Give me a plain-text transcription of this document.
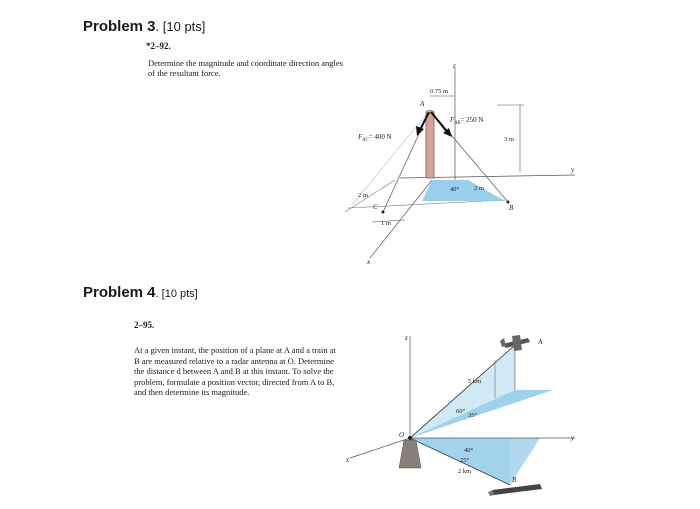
Problem 3. [10 pts]
*2–92.
Determine the magnitude and coordinate direction angles
of the resultant force.
z
0.75 m
A
$F_{AB}= 250$ N
$F_{AC}= 400$ N	3 m
40° 2 m
y
B
2 m
C
1 m
x
Problem 4. [10 pts]
2–95.
At a given instant, the position of a plane at A and a train at
B are measured relative to a radar antenna at O. Determine
the distance d between A and B at this instant. To solve the
problem, formulate a position vector, directed from A to B,
and then determine its magnitude.
z	A
5 km
60°
35°
O
40°
25°
2 km
x
y
B
